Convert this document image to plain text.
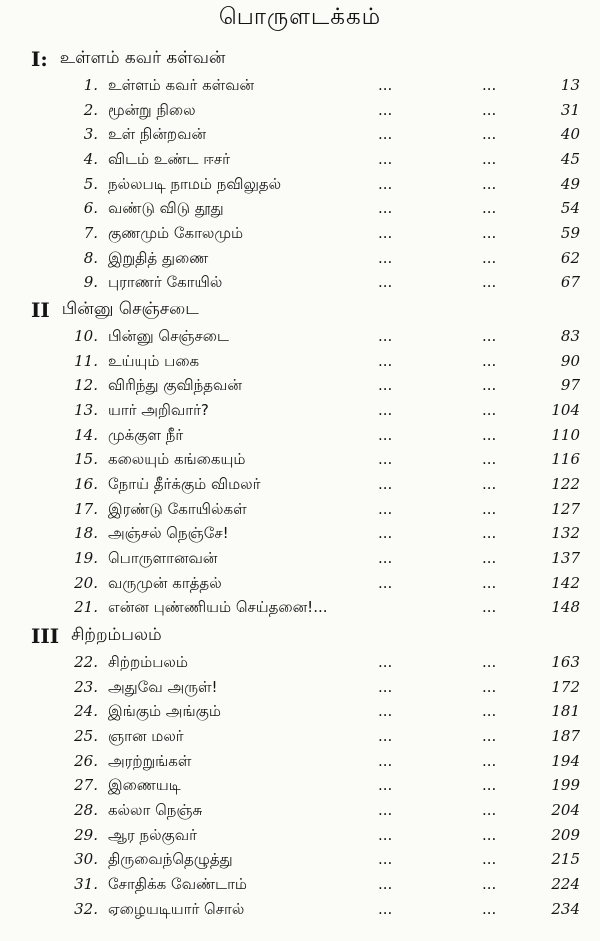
பொருளடக்கம்
I: உள்ளம் கவர் கள்வன்
1. உள்ளம் கவர் கள்வன்	...	...	13
2. மூன்று நிலை	...	...	31
3. உள் நின்றவன்	...	...	40
4. விடம் உண்ட ஈசர்	...	...	45
5. நல்லபடி நாமம் நவிலுதல்	...	...	49
6. வண்டு விடு தூது	...	...	54
7. குணமும் கோலமும்	...	...	59
8. இறுதித் துணை	...	...	62
9. புராணர் கோயில்	...	...	67
II பின்னு செஞ்சடை
10. பின்னு செஞ்சடை	...	...	83
11. உய்யும் பகை	...	...	90
12. விரிந்து குவிந்தவன்	...	...	97
13. யார் அறிவார்?	...	...	104
14. முக்குள நீர்	...	...	110
15. கலையும் கங்கையும்	...	...	116
16. நோய் தீர்க்கும் விமலர்	...	...	122
17. இரண்டு கோயில்கள்	...	...	127
18. அஞ்சல் நெஞ்சே!	...	...	132
19. பொருளானவன்	...	...	137
20. வருமுன் காத்தல்	...	...	142
21. என்ன புண்ணியம் செய்தனை!...	...	148
III சிற்றம்பலம்
22. சிற்றம்பலம்	...	...	163
23. அதுவே அருள்!	...	...	172
24. இங்கும் அங்கும்	...	...	181
25. ஞான மலர்	...	...	187
26. அரற்றுங்கள்	...	...	194
27. இணையடி	...	...	199
28. கல்லா நெஞ்சு	...	...	204
29. ஆர நல்குவர்	...	...	209
30. திருவைந்தெழுத்து	...	...	215
31. சோதிக்க வேண்டாம்	...	...	224
32. ஏழையடியார் சொல்	...	...	234
